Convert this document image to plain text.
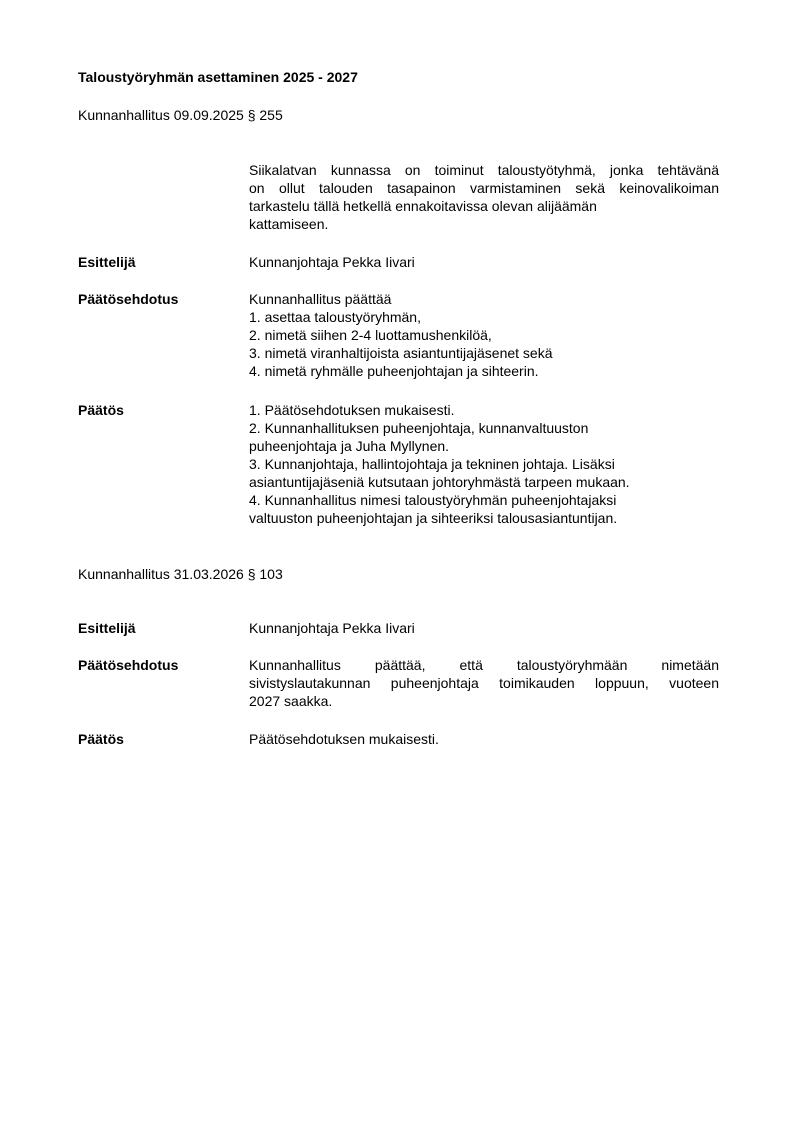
Taloustyöryhmän asettaminen 2025 - 2027
Kunnanhallitus 09.09.2025 § 255
Siikalatvan kunnassa on toiminut taloustyötyhmä, jonka tehtävänä
on ollut talouden tasapainon varmistaminen sekä keinovalikoiman
tarkastelu tällä hetkellä ennakoitavissa olevan alijäämän
kattamiseen.
Esittelijä	Kunnanjohtaja Pekka Iivari
Päätösehdotus	Kunnanhallitus päättää
1. asettaa taloustyöryhmän,
2. nimetä siihen 2-4 luottamushenkilöä,
3. nimetä viranhaltijoista asiantuntijajäsenet sekä
4. nimetä ryhmälle puheenjohtajan ja sihteerin.
Päätös	1. Päätösehdotuksen mukaisesti.
2. Kunnanhallituksen puheenjohtaja, kunnanvaltuuston
puheenjohtaja ja Juha Myllynen.
3. Kunnanjohtaja, hallintojohtaja ja tekninen johtaja. Lisäksi
asiantuntijajäseniä kutsutaan johtoryhmästä tarpeen mukaan.
4. Kunnanhallitus nimesi taloustyöryhmän puheenjohtajaksi
valtuuston puheenjohtajan ja sihteeriksi talousasiantuntijan.
Kunnanhallitus 31.03.2026 § 103
Esittelijä	Kunnanjohtaja Pekka Iivari
Päätösehdotus	Kunnanhallitus päättää, että taloustyöryhmään nimetään
sivistyslautakunnan puheenjohtaja toimikauden loppuun, vuoteen
2027 saakka.
Päätös	Päätösehdotuksen mukaisesti.
